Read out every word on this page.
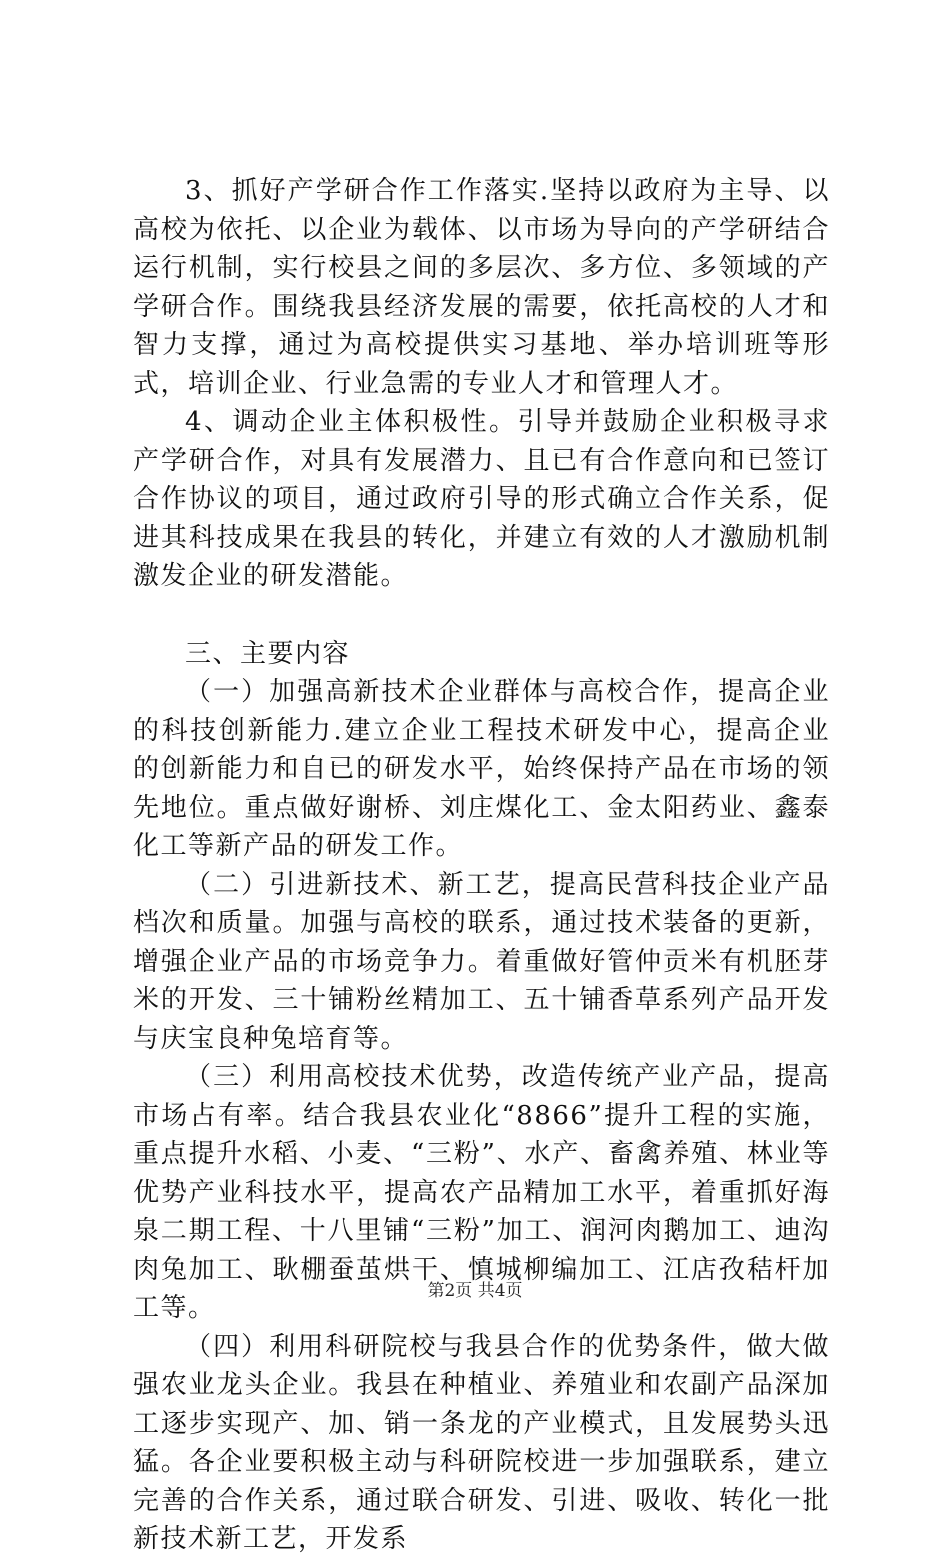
3、抓好产学研合作工作落实.坚持以政府为主导、以高校为依托、以企业为载体、以市场为导向的产学研结合运行机制，实行校县之间的多层次、多方位、多领域的产学研合作。围绕我县经济发展的需要，依托高校的人才和智力支撑，通过为高校提供实习基地、举办培训班等形式，培训企业、行业急需的专业人才和管理人才。

4、调动企业主体积极性。引导并鼓励企业积极寻求产学研合作，对具有发展潜力、且已有合作意向和已签订合作协议的项目，通过政府引导的形式确立合作关系，促进其科技成果在我县的转化，并建立有效的人才激励机制激发企业的研发潜能。

三、主要内容

（一）加强高新技术企业群体与高校合作，提高企业的科技创新能力.建立企业工程技术研发中心，提高企业的创新能力和自已的研发水平，始终保持产品在市场的领先地位。重点做好谢桥、刘庄煤化工、金太阳药业、鑫泰化工等新产品的研发工作。

（二）引进新技术、新工艺，提高民营科技企业产品档次和质量。加强与高校的联系，通过技术装备的更新，增强企业产品的市场竞争力。着重做好管仲贡米有机胚芽米的开发、三十铺粉丝精加工、五十铺香草系列产品开发与庆宝良种兔培育等。

（三）利用高校技术优势，改造传统产业产品，提高市场占有率。结合我县农业化“8866”提升工程的实施，重点提升水稻、小麦、“三粉”、水产、畜禽养殖、林业等优势产业科技水平，提高农产品精加工水平，着重抓好海泉二期工程、十八里铺“三粉”加工、润河肉鹅加工、迪沟肉兔加工、耿棚蚕茧烘干、慎城柳编加工、江店孜秸杆加工等。

（四）利用科研院校与我县合作的优势条件，做大做强农业龙头企业。我县在种植业、养殖业和农副产品深加工逐步实现产、加、销一条龙的产业模式，且发展势头迅猛。各企业要积极主动与科研院校进一步加强联系，建立完善的合作关系，通过联合研发、引进、吸收、转化一批新技术新工艺，开发系

第2页 共4页
